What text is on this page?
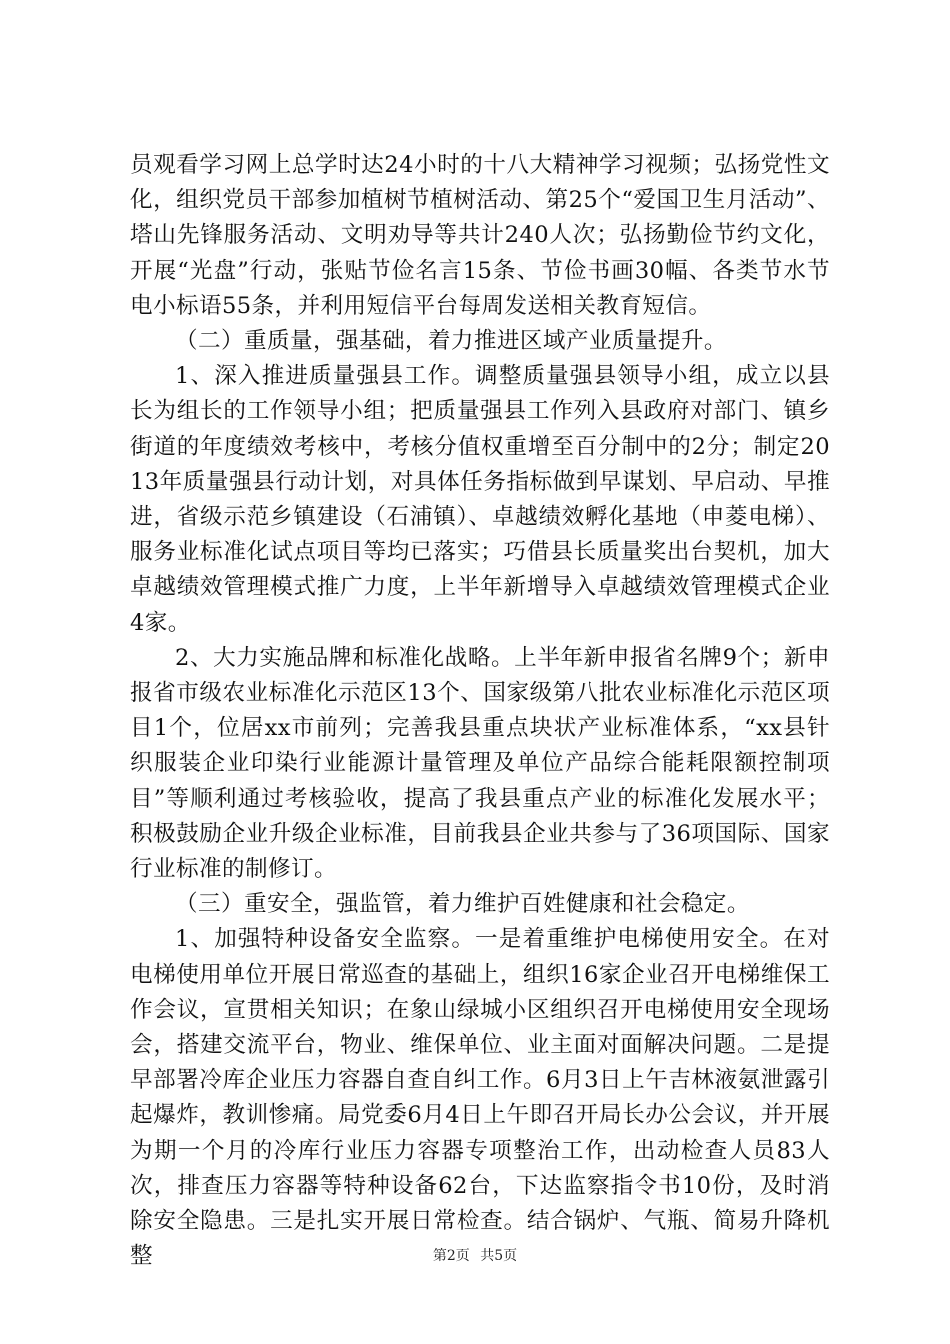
员观看学习网上总学时达24小时的十八大精神学习视频；弘扬党性文化，组织党员干部参加植树节植树活动、第25个“爱国卫生月活动”、塔山先锋服务活动、文明劝导等共计240人次；弘扬勤俭节约文化，开展“光盘”行动，张贴节俭名言15条、节俭书画30幅、各类节水节电小标语55条，并利用短信平台每周发送相关教育短信。

（二）重质量，强基础，着力推进区域产业质量提升。

1、深入推进质量强县工作。调整质量强县领导小组，成立以县长为组长的工作领导小组；把质量强县工作列入县政府对部门、镇乡街道的年度绩效考核中，考核分值权重增至百分制中的2分；制定2013年质量强县行动计划，对具体任务指标做到早谋划、早启动、早推进，省级示范乡镇建设（石浦镇）、卓越绩效孵化基地（申菱电梯）、服务业标准化试点项目等均已落实；巧借县长质量奖出台契机，加大卓越绩效管理模式推广力度，上半年新增导入卓越绩效管理模式企业4家。

2、大力实施品牌和标准化战略。上半年新申报省名牌9个；新申报省市级农业标准化示范区13个、国家级第八批农业标准化示范区项目1个，位居xx市前列；完善我县重点块状产业标准体系，“xx县针织服装企业印染行业能源计量管理及单位产品综合能耗限额控制项目”等顺利通过考核验收，提高了我县重点产业的标准化发展水平；积极鼓励企业升级企业标准，目前我县企业共参与了36项国际、国家行业标准的制修订。

（三）重安全，强监管，着力维护百姓健康和社会稳定。

1、加强特种设备安全监察。一是着重维护电梯使用安全。在对电梯使用单位开展日常巡查的基础上，组织16家企业召开电梯维保工作会议，宣贯相关知识；在象山绿城小区组织召开电梯使用安全现场会，搭建交流平台，物业、维保单位、业主面对面解决问题。二是提早部署冷库企业压力容器自查自纠工作。6月3日上午吉林液氨泄露引起爆炸，教训惨痛。局党委6月4日上午即召开局长办公会议，并开展为期一个月的冷库行业压力容器专项整治工作，出动检查人员83人次，排查压力容器等特种设备62台，下达监察指令书10份，及时消除安全隐患。三是扎实开展日常检查。结合锅炉、气瓶、简易升降机整	第2页 共5页
